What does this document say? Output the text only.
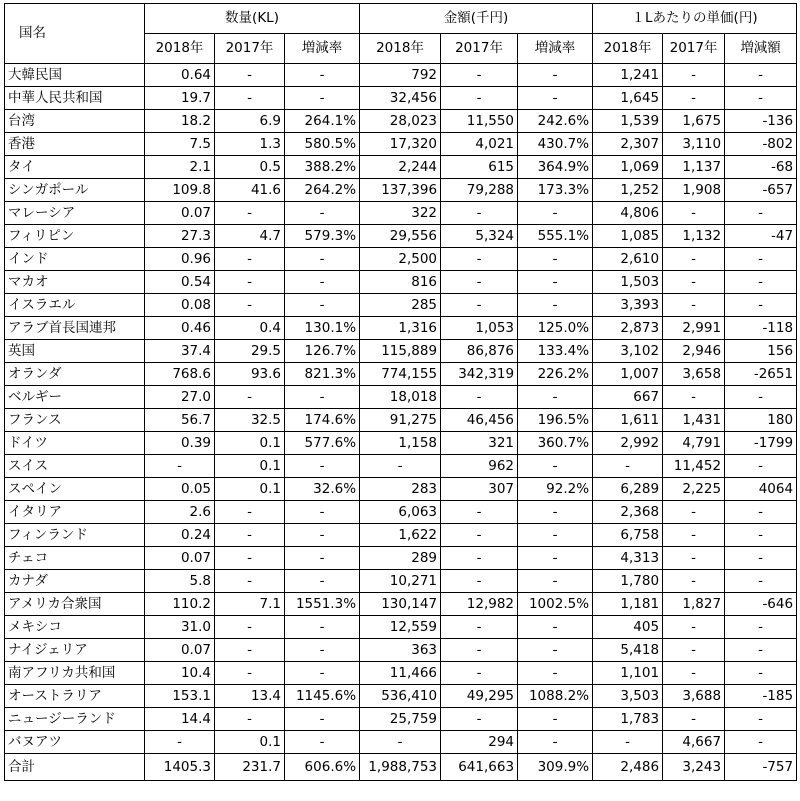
国名	数量(KL)			金額(千円)			１Lあたりの単価(円)		
	2018年	2017年	増減率	2018年	2017年	増減率	2018年	2017年	増減額
大韓民国	0.64	-	-	792	-	-	1,241	-	-
中華人民共和国	19.7	-	-	32,456	-	-	1,645	-	-
台湾	18.2	6.9	264.1%	28,023	11,550	242.6%	1,539	1,675	-136
香港	7.5	1.3	580.5%	17,320	4,021	430.7%	2,307	3,110	-802
タイ	2.1	0.5	388.2%	2,244	615	364.9%	1,069	1,137	-68
シンガポール	109.8	41.6	264.2%	137,396	79,288	173.3%	1,252	1,908	-657
マレーシア	0.07	-	-	322	-	-	4,806	-	-
フィリピン	27.3	4.7	579.3%	29,556	5,324	555.1%	1,085	1,132	-47
インド	0.96	-	-	2,500	-	-	2,610	-	-
マカオ	0.54	-	-	816	-	-	1,503	-	-
イスラエル	0.08	-	-	285	-	-	3,393	-	-
アラブ首長国連邦	0.46	0.4	130.1%	1,316	1,053	125.0%	2,873	2,991	-118
英国	37.4	29.5	126.7%	115,889	86,876	133.4%	3,102	2,946	156
オランダ	768.6	93.6	821.3%	774,155	342,319	226.2%	1,007	3,658	-2651
ベルギー	27.0	-	-	18,018	-	-	667	-	-
フランス	56.7	32.5	174.6%	91,275	46,456	196.5%	1,611	1,431	180
ドイツ	0.39	0.1	577.6%	1,158	321	360.7%	2,992	4,791	-1799
スイス	-	0.1	-	-	962	-	-	11,452	-
スペイン	0.05	0.1	32.6%	283	307	92.2%	6,289	2,225	4064
イタリア	2.6	-	-	6,063	-	-	2,368	-	-
フィンランド	0.24	-	-	1,622	-	-	6,758	-	-
チェコ	0.07	-	-	289	-	-	4,313	-	-
カナダ	5.8	-	-	10,271	-	-	1,780	-	-
アメリカ合衆国	110.2	7.1	1551.3%	130,147	12,982	1002.5%	1,181	1,827	-646
メキシコ	31.0	-	-	12,559	-	-	405	-	-
ナイジェリア	0.07	-	-	363	-	-	5,418	-	-
南アフリカ共和国	10.4	-	-	11,466	-	-	1,101	-	-
オーストラリア	153.1	13.4	1145.6%	536,410	49,295	1088.2%	3,503	3,688	-185
ニュージーランド	14.4	-	-	25,759	-	-	1,783	-	-
バヌアツ	-	0.1	-	-	294	-	-	4,667	-
合計	1405.3	231.7	606.6%	1,988,753	641,663	309.9%	2,486	3,243	-757
